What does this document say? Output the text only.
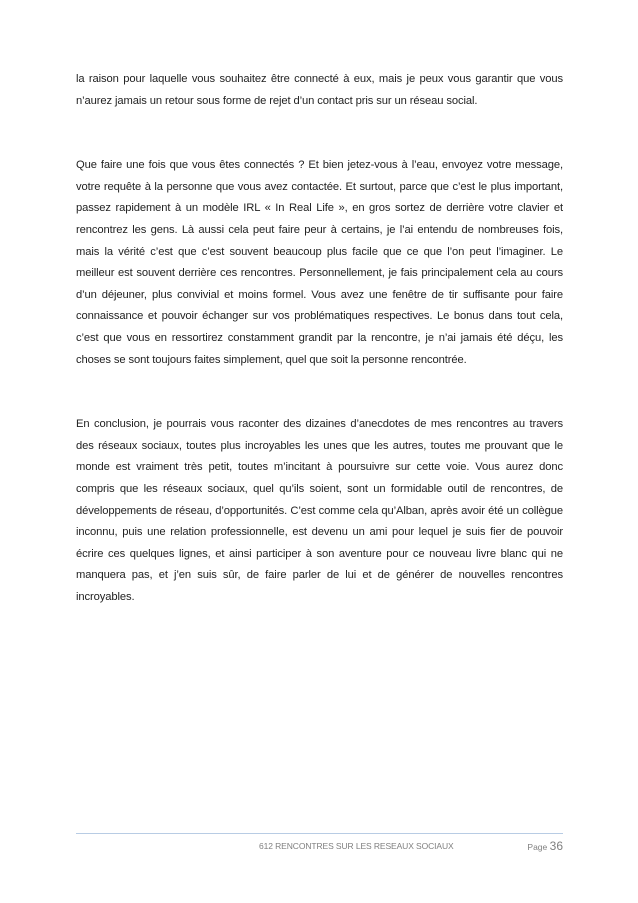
la raison pour laquelle vous souhaitez être connecté à eux, mais je peux vous garantir que vous n’aurez jamais un retour sous forme de rejet d’un contact pris sur un réseau social.

Que faire une fois que vous êtes connectés ? Et bien jetez-vous à l’eau, envoyez votre message, votre requête à la personne que vous avez contactée. Et surtout, parce que c’est le plus important, passez rapidement à un modèle IRL « In Real Life », en gros sortez de derrière votre clavier et rencontrez les gens. Là aussi cela peut faire peur à certains, je l’ai entendu de nombreuses fois, mais la vérité c’est que c’est souvent beaucoup plus facile que ce que l’on peut l’imaginer. Le meilleur est souvent derrière ces rencontres. Personnellement, je fais principalement cela au cours d’un déjeuner, plus convivial et moins formel. Vous avez une fenêtre de tir suffisante pour faire connaissance et pouvoir échanger sur vos problématiques respectives. Le bonus dans tout cela, c’est que vous en ressortirez constamment grandit par la rencontre, je n’ai jamais été déçu, les choses se sont toujours faites simplement, quel que soit la personne rencontrée.

En conclusion, je pourrais vous raconter des dizaines d’anecdotes de mes rencontres au travers des réseaux sociaux, toutes plus incroyables les unes que les autres, toutes me prouvant que le monde est vraiment très petit, toutes m’incitant à poursuivre sur cette voie. Vous aurez donc compris que les réseaux sociaux, quel qu’ils soient, sont un formidable outil de rencontres, de développements de réseau, d’opportunités. C’est comme cela qu’Alban, après avoir été un collègue inconnu, puis une relation professionnelle, est devenu un ami pour lequel je suis fier de pouvoir écrire ces quelques lignes, et ainsi participer à son aventure pour ce nouveau livre blanc qui ne manquera pas, et j’en suis sûr, de faire parler de lui et de générer de nouvelles rencontres incroyables.

612 RENCONTRES SUR LES RESEAUX SOCIAUX	Page 36
